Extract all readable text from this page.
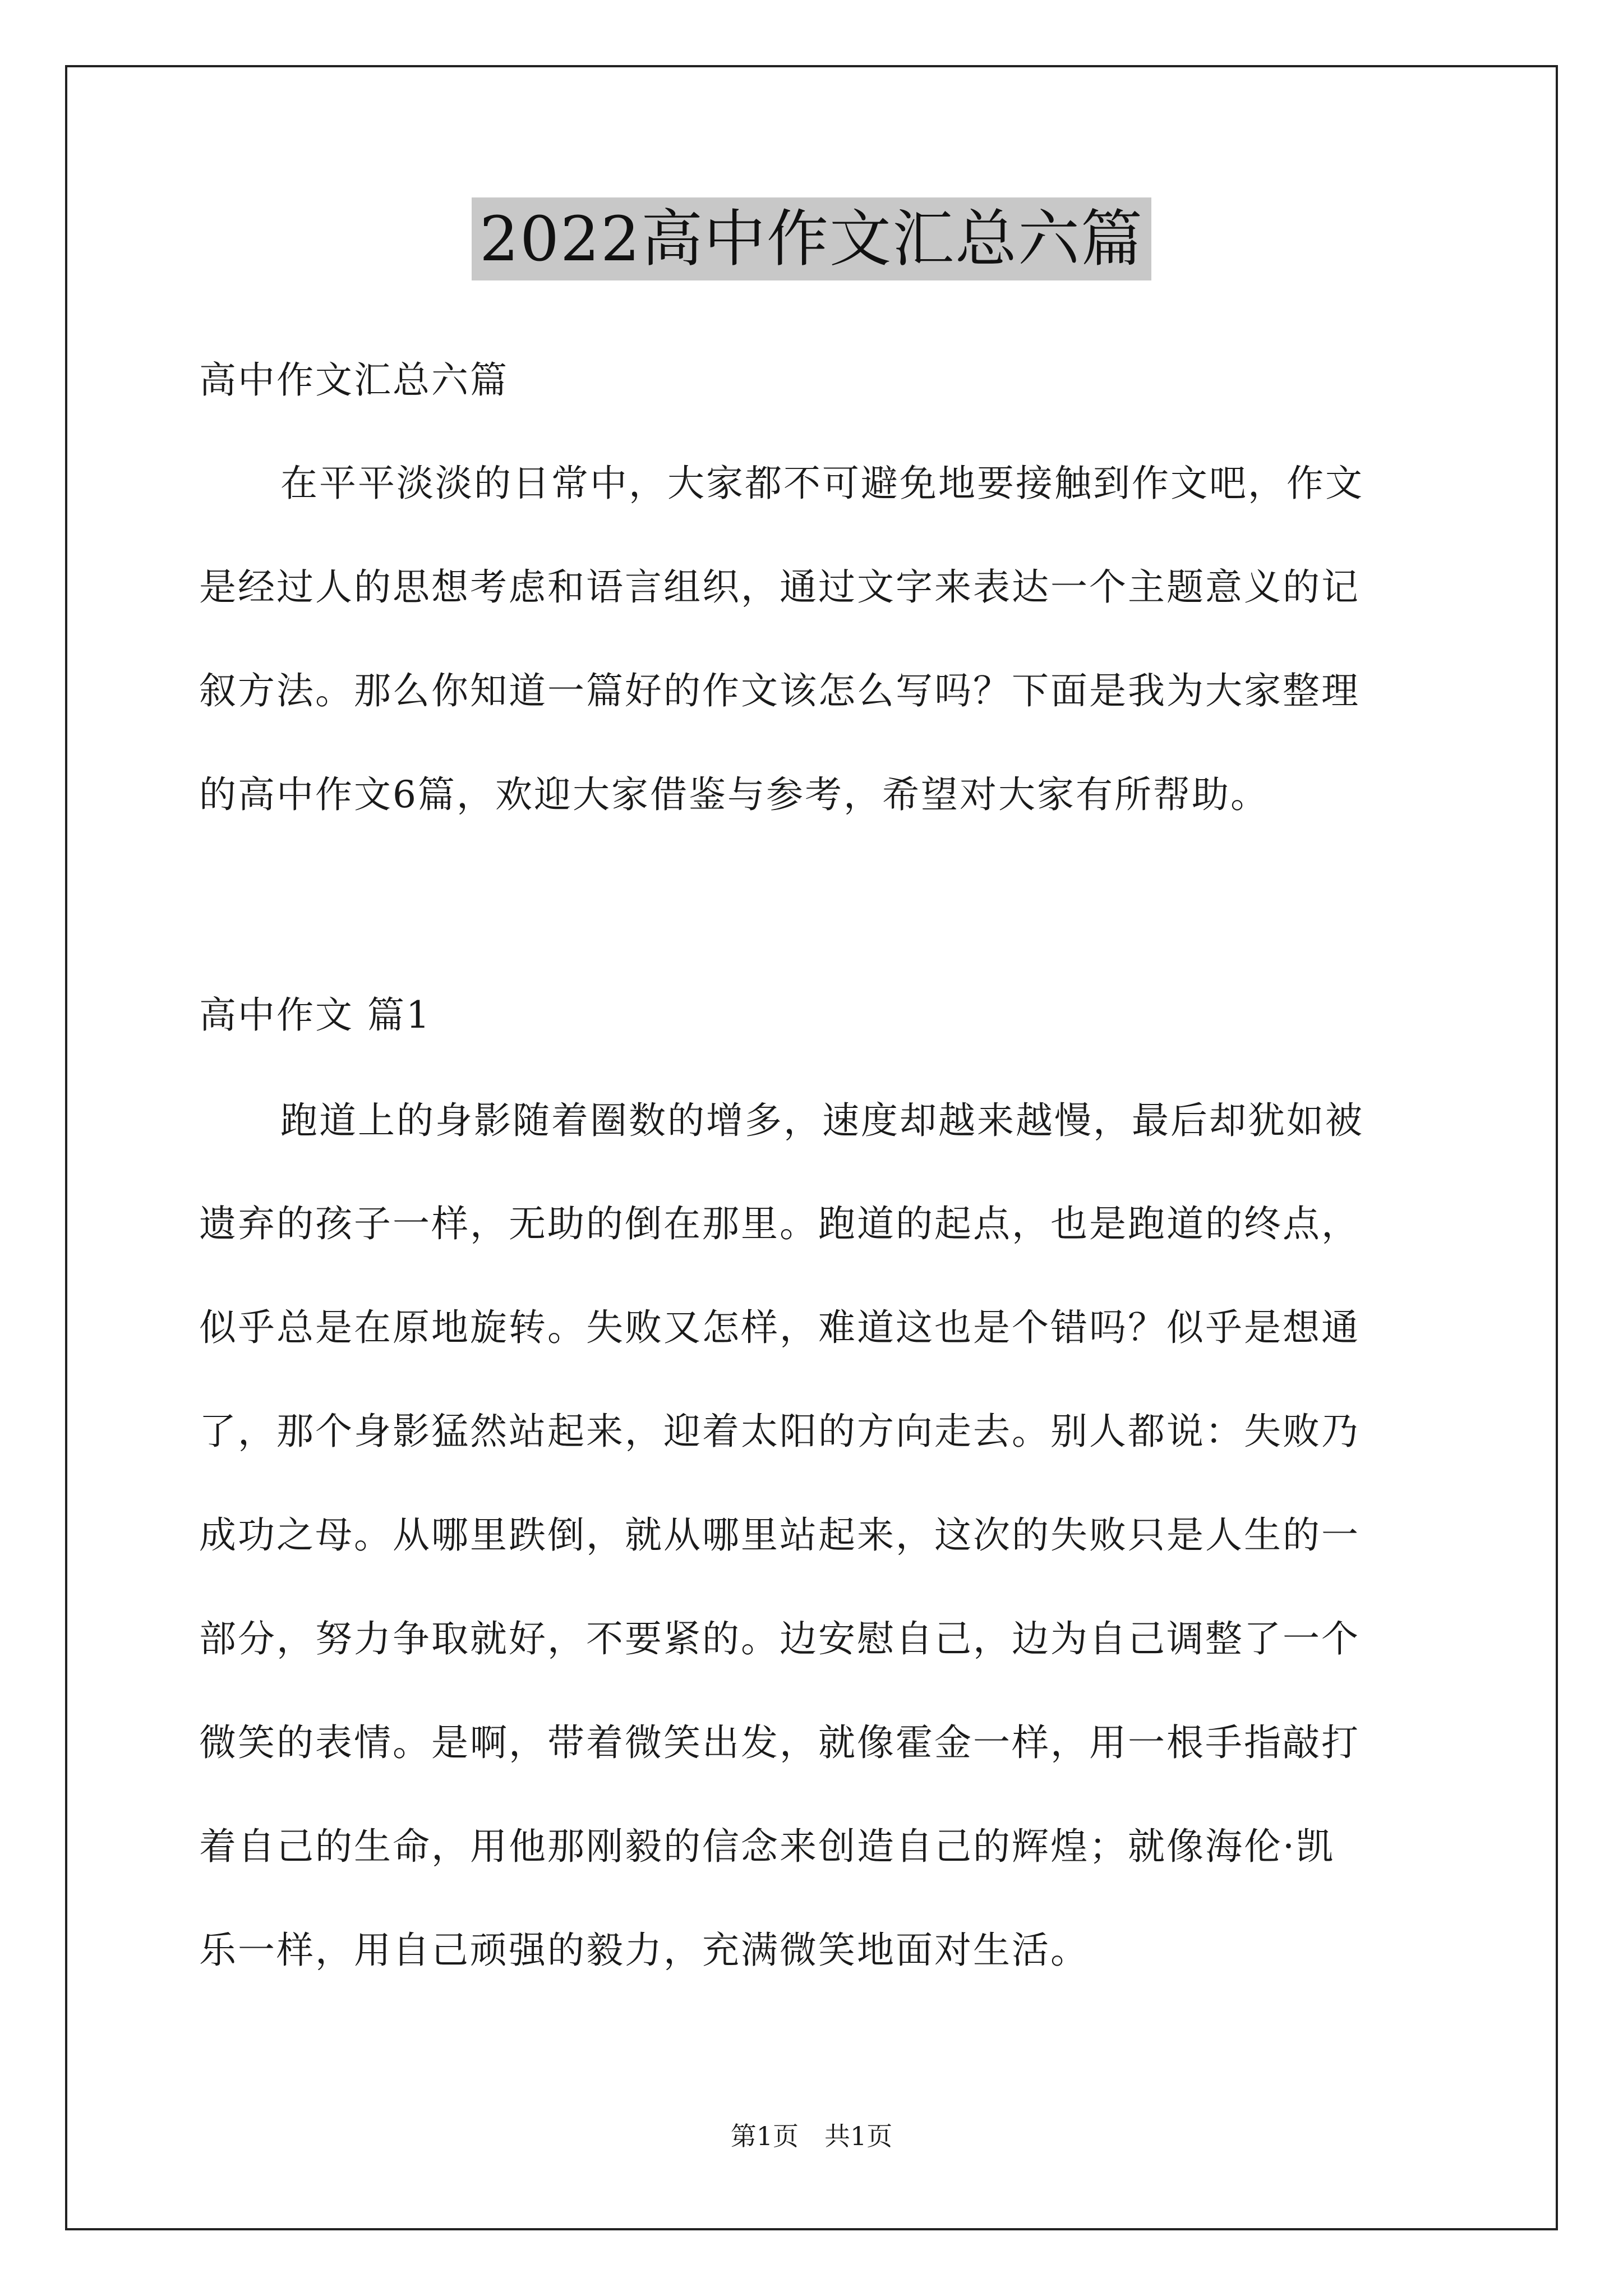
2022高中作文汇总六篇
高中作文汇总六篇
在平平淡淡的日常中，大家都不可避免地要接触到作文吧，作文
是经过人的思想考虑和语言组织，通过文字来表达一个主题意义的记
叙方法。那么你知道一篇好的作文该怎么写吗？下面是我为大家整理
的高中作文6篇，欢迎大家借鉴与参考，希望对大家有所帮助。
高中作文 篇1
跑道上的身影随着圈数的增多，速度却越来越慢，最后却犹如被
遗弃的孩子一样，无助的倒在那里。跑道的起点，也是跑道的终点，
似乎总是在原地旋转。失败又怎样，难道这也是个错吗？似乎是想通
了，那个身影猛然站起来，迎着太阳的方向走去。别人都说：失败乃
成功之母。从哪里跌倒，就从哪里站起来，这次的失败只是人生的一
部分，努力争取就好，不要紧的。边安慰自己，边为自己调整了一个
微笑的表情。是啊，带着微笑出发，就像霍金一样，用一根手指敲打
着自己的生命，用他那刚毅的信念来创造自己的辉煌；就像海伦·凯
乐一样，用自己顽强的毅力，充满微笑地面对生活。
第1页　共1页
